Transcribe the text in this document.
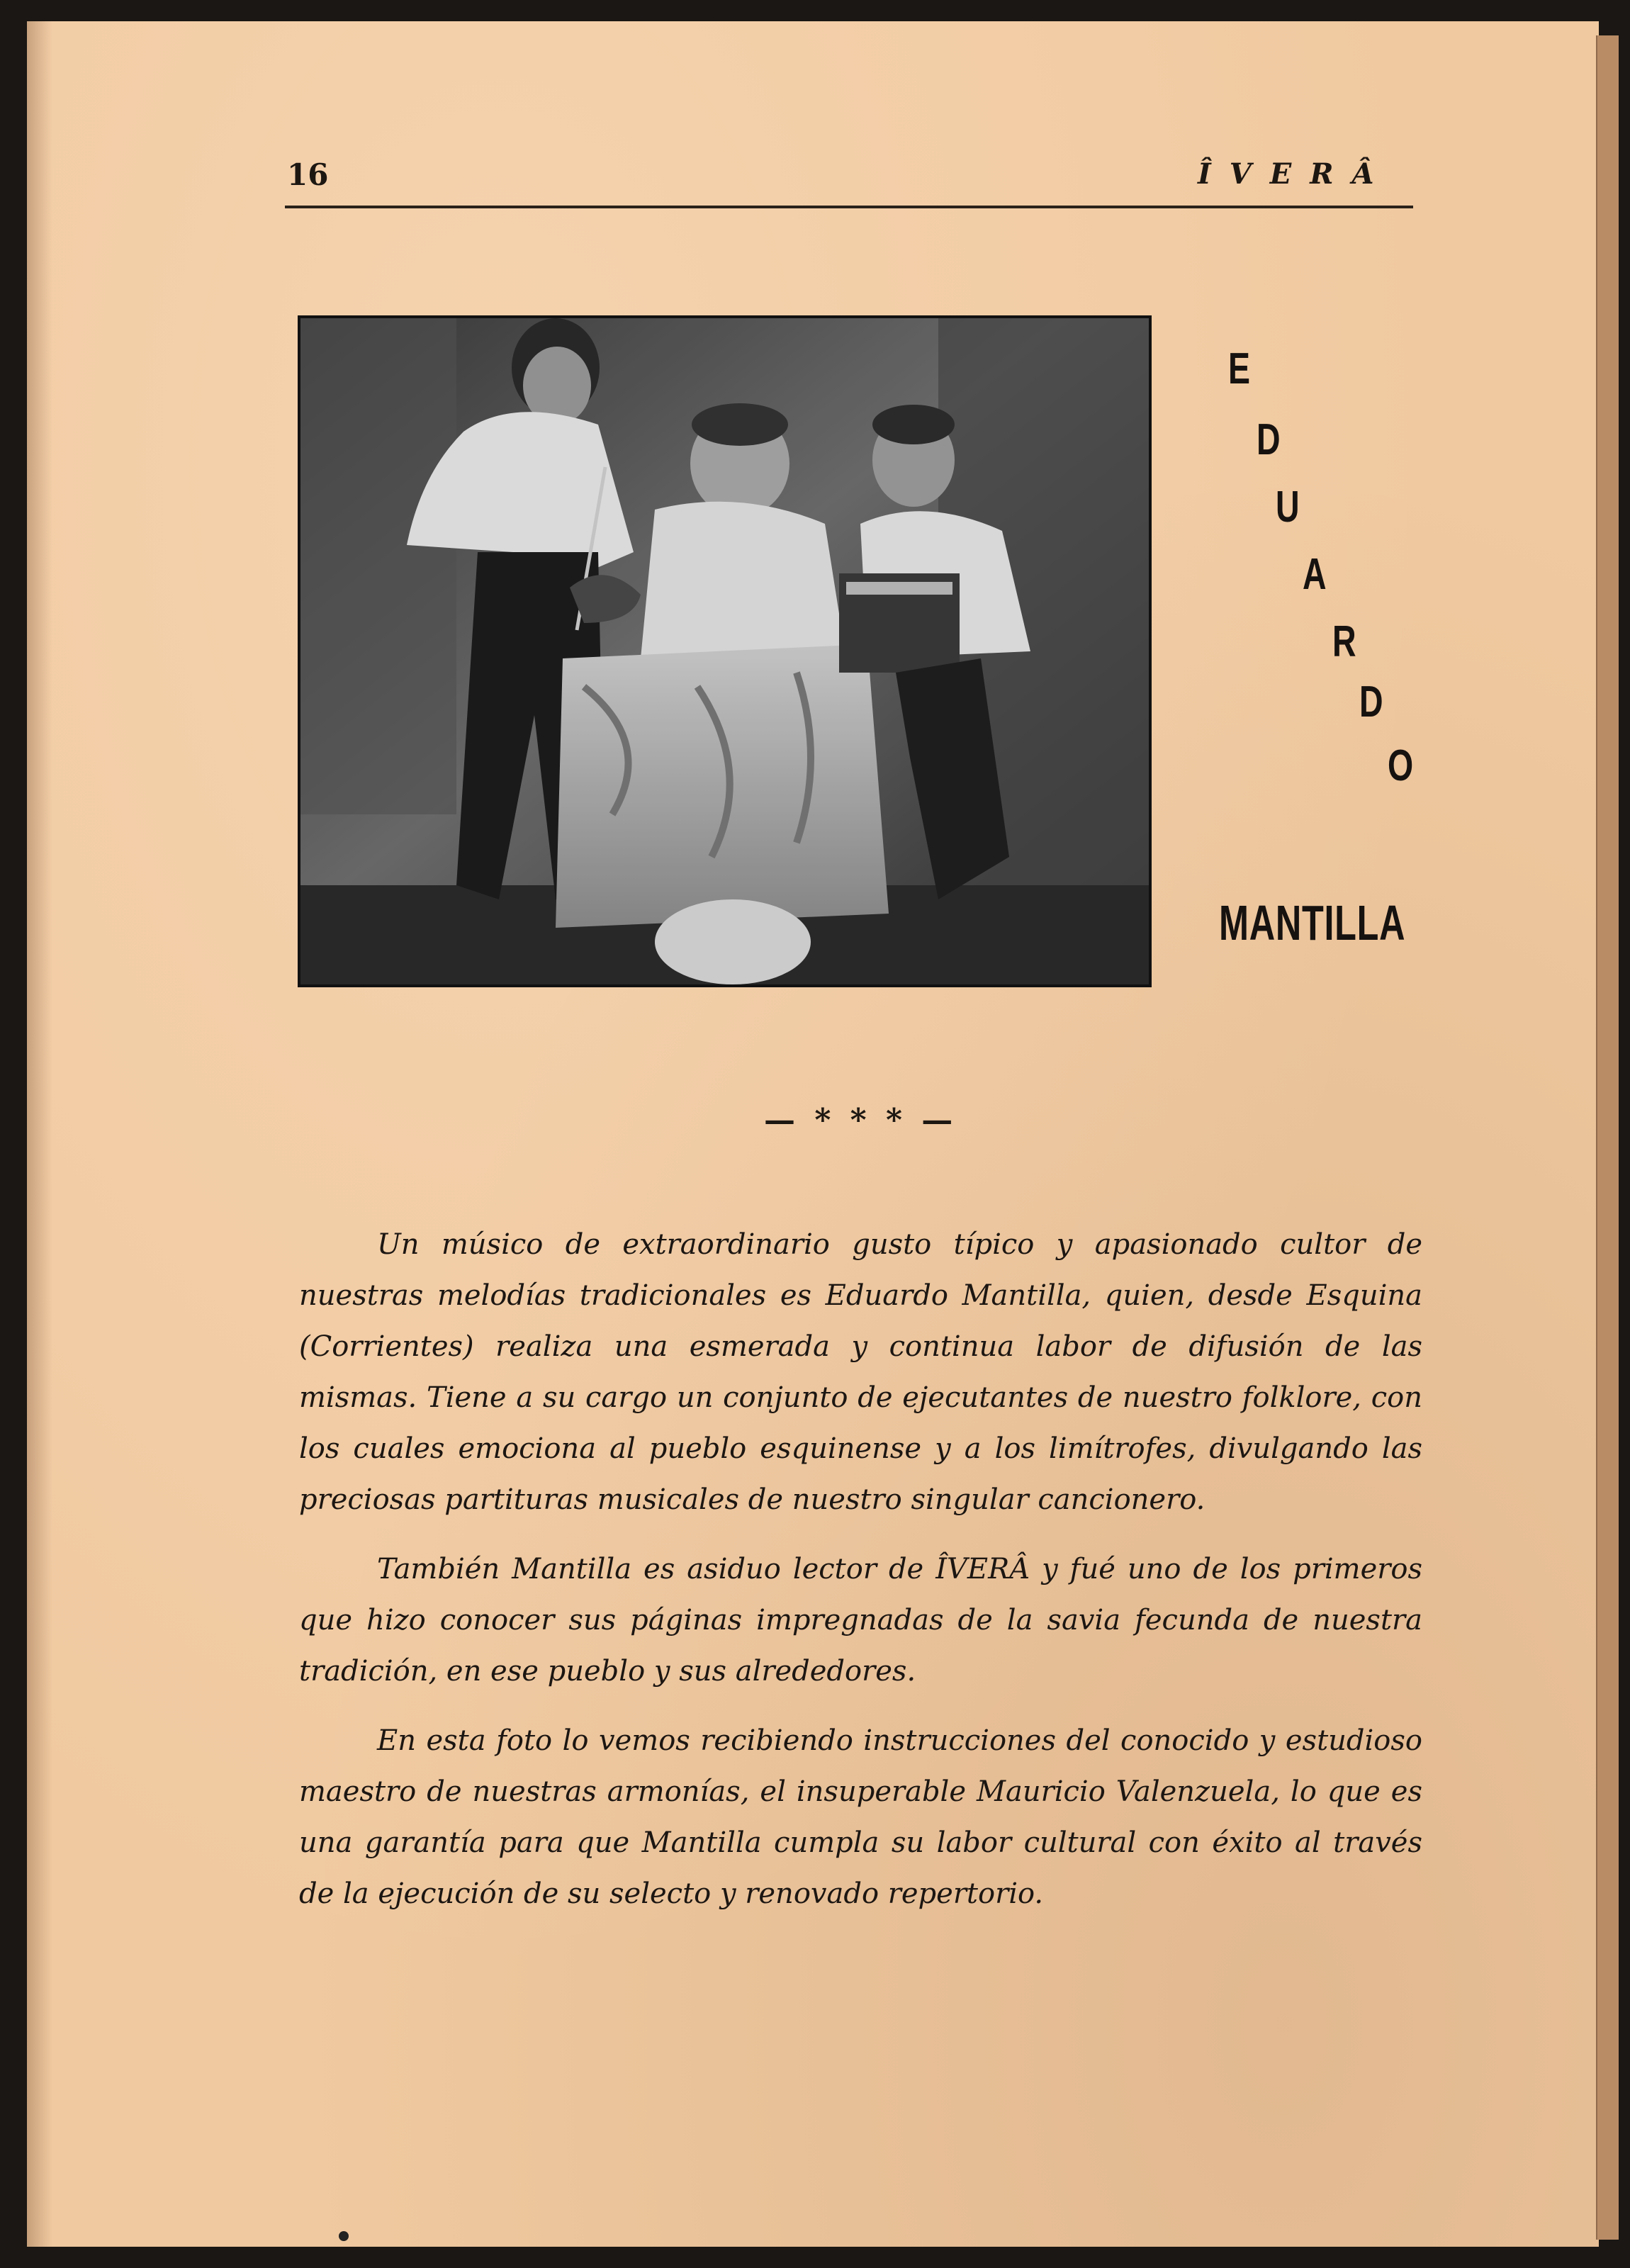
16	ÎVERÂ
E
D
U
A
R
D
O
MANTILLA
— * * * —

Un músico de extraordinario gusto típico y apasionado cultor de nuestras melodías tradicionales es Eduardo Mantilla, quien, desde Esquina (Corrientes) realiza una esmerada y continua labor de difusión de las mismas. Tiene a su cargo un conjunto de ejecutantes de nuestro folklore, con los cuales emociona al pueblo esquinense y a los limítrofes, divulgando las preciosas partituras musicales de nuestro singular cancionero.

También Mantilla es asiduo lector de ÎVERÂ y fué uno de los primeros que hizo conocer sus páginas impregnadas de la savia fecunda de nuestra tradición, en ese pueblo y sus alrededores.

En esta foto lo vemos recibiendo instrucciones del conocido y estudioso maestro de nuestras armonías, el insuperable Mauricio Valenzuela, lo que es una garantía para que Mantilla cumpla su labor cultural con éxito al través de la ejecución de su selecto y renovado repertorio.
